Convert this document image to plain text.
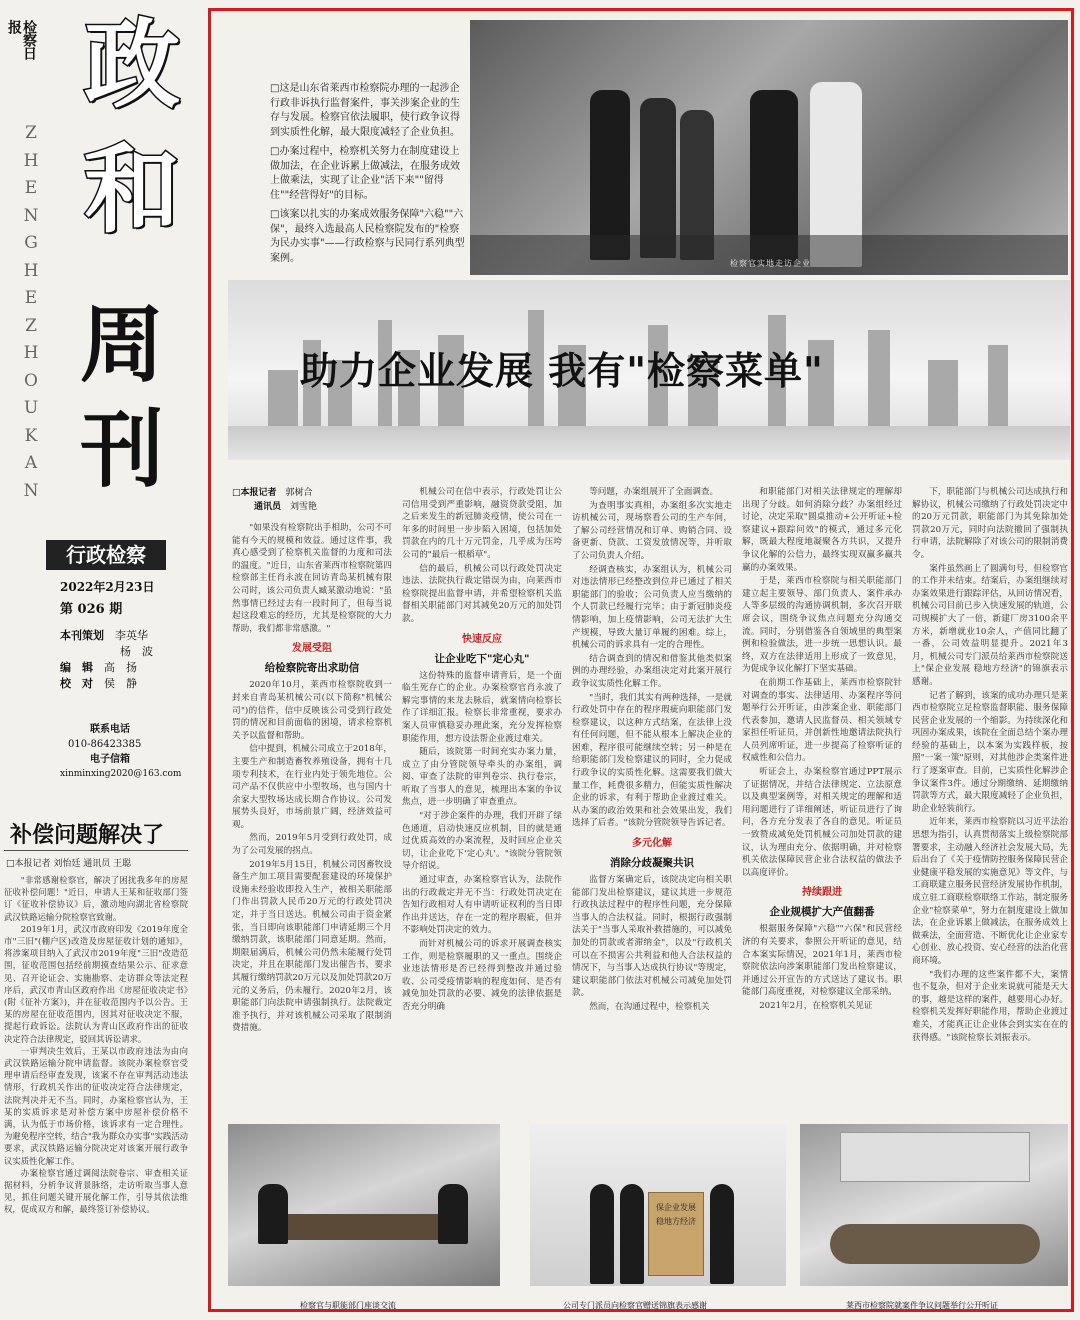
检察日报 政
和
周
刊
Z
H
E
N
G
H
E
Z
H
O
U
K
A
N
行政检察
2022年2月23日
第 026 期
本刊策划　 李英华
杨　波
编　辑　 高　扬
校　对　 侯　静
联系电话
010-86423385
电子信箱
xinminxing2020@163.com
补偿问题解决了
□本报记者 刘怡廷 通讯员 王聪

"非常感谢检察官，解决了困扰我多年的房屋征收补偿问题！"近日，申请人王某和征收部门签订《征收补偿协议》后，激动地向湖北省检察院武汉铁路运输分院检察官致谢。

2019年1月，武汉市政府印发《2019年度全市"三旧"(棚户区)改造及房屋征收计划的通知》，将涉案项目纳入了武汉市2019年度"三旧"改造范围，征收范围包括经前期摸查结果公示、征求意见、召开论证会、实施勘察、走访群众等法定程序后，武汉市青山区政府作出《房屋征收决定书》(附《征补方案》)，并在征收范围内予以公告。王某的房屋在征收范围内，因其对征收决定不服，提起行政诉讼。法院认为青山区政府作出的征收决定符合法律规定，驳回其诉讼请求。

一审判决生效后，王某以市政府违法为由向武汉铁路运输分院申请监督。该院办案检察官受理申请后经审查发现，该案不存在审判活动违法情形，行政机关作出的征收决定符合法律规定，法院判决并无不当。同时，办案检察官认为，王某的实质诉求是对补偿方案中房屋补偿价格不满，认为低于市场价格，该诉求有一定合理性。为避免程序空转，结合"我为群众办实事"实践活动要求，武汉铁路运输分院决定对该案开展行政争议实质性化解工作。

办案检察官通过调阅法院卷宗、审查相关证据材料，分析争议背景脉络，走访听取当事人意见，抓住问题关键开展化解工作，引导其依法维权，促成双方和解，最终签订补偿协议。

□这是山东省莱西市检察院办理的一起涉企行政非诉执行监督案件，事关涉案企业的生存与发展。检察官依法履职，使行政争议得到实质性化解，最大限度减轻了企业负担。

□办案过程中，检察机关努力在制度建设上做加法，在企业诉累上做减法，在服务成效上做乘法，实现了让企业"活下来""留得住""经营得好"的目标。

□该案以扎实的办案成效服务保障"六稳""六保"，最终入选最高人民检察院发布的"检察为民办实事"——行政检察与民同行系列典型案例。	检察官实地走访企业
助力企业发展 我有"检察菜单"
□本报记者　 郭树合
通讯员　 刘雪艳

"如果没有检察院出手相助，公司不可能有今天的规模和效益。通过这件事，我真心感受到了检察机关监督的力度和司法的温度。"近日，山东省莱西市检察院第四检察部主任肖永波在回访青岛某机械有限公司时，该公司负责人臧某激动地说："虽然事情已经过去有一段时间了，但每当说起这段难忘的经历，尤其是检察院的大力帮助，我们都非常感激。"

发展受阻
给检察院寄出求助信

2020年10月，莱西市检察院收到一封来自青岛某机械公司(以下简称"机械公司")的信件，信中反映该公司受到行政处罚的情况和目前面临的困境，请求检察机关予以监督和帮助。

信中提到，机械公司成立于2018年，主要生产和制造畜牧养殖设备，拥有十几项专利技术，在行业内处于领先地位。公司产品不仅供应中小型牧场，也与国内十余家大型牧场达成长期合作协议。公司发展势头良好，市场前景广阔，经济效益可观。

然而，2019年5月受到行政处罚，成为了公司发展的拐点。

2019年5月15日，机械公司因畜牧设备生产加工项目需要配套建设的环境保护设施未经验收即投入生产，被相关职能部门作出罚款人民币20万元的行政处罚决定，并于当日送达。机械公司由于资金紧张，当日即向该职能部门申请延期三个月缴纳罚款，该职能部门同意延期。然而，期限届满后，机械公司仍然未能履行处罚决定，并且在职能部门发出催告书，要求其履行缴纳罚款20万元以及加处罚款20万元的义务后，仍未履行。2020年2月，该职能部门向法院申请强制执行。法院裁定准予执行，并对该机械公司采取了限制消费措施。

机械公司在信中表示，行政处罚让公司信用受到严重影响，融资贷款受阻，加之后来发生的新冠肺炎疫情，使公司在一年多的时间里一步步陷入困境，包括加处罚款在内的几十万元罚金，几乎成为压垮公司的"最后一根稻草"。

信的最后，机械公司以行政处罚决定违法、法院执行裁定错误为由，向莱西市检察院提出监督申请，并希望检察机关监督相关职能部门对其减免20万元的加处罚款。

快速反应
让企业吃下"定心丸"

这份特殊的监督申请背后，是一个面临生死存亡的企业。办案检察官肖永波了解完事情的来龙去脉后，就案情向检察长作了详细汇报。检察长非常重视，要求办案人员审慎稳妥办理此案，充分发挥检察职能作用，想方设法帮企业渡过难关。

随后，该院第一时间充实办案力量，成立了由分管院领导牵头的办案组，调阅、审查了法院的审判卷宗、执行卷宗，听取了当事人的意见，梳理出本案的争议焦点，进一步明确了审查重点。

"对于涉企案件的办理，我们开辟了绿色通道，启动快速反应机制，目的就是通过优质高效的办案流程，及时回应企业关切，让企业吃下'定心丸'。"该院分管院领导介绍说。

通过审查，办案检察官认为，法院作出的行政裁定并无不当：行政处罚决定在告知行政相对人有申请听证权利的当日即作出并送达，存在一定的程序瑕疵，但并不影响处罚决定的效力。

而针对机械公司的诉求开展调查核实工作，则是检察履职的又一重点。围绕企业违法情形是否已经得到整改并通过验收、公司受疫情影响的程度如何、是否有减免加处罚款的必要、减免的法律依据是否充分明确

等问题，办案组展开了全面调查。

为查明事实真相，办案组多次实地走访机械公司，现场察看公司的生产车间，了解公司经营情况和订单、购销合同、设备更新、贷款、工资发放情况等，并听取了公司负责人介绍。

经调查核实，办案组认为，机械公司对违法情形已经整改到位并已通过了相关职能部门的验收；公司负责人应当缴纳的个人罚款已经履行完毕；由于新冠肺炎疫情影响，加上疫情影响，公司无法扩大生产规模，导致大量订单履约困难。综上，机械公司的诉求具有一定的合理性。

结合调查到的情况和借鉴其他类似案例的办理经验，办案组决定对此案开展行政争议实质性化解工作。

"当时，我们其实有两种选择，一是就行政处罚中存在的程序瑕疵向职能部门发检察建议，以这种方式结案，在法律上没有任何问题，但不能从根本上解决企业的困难，程序很可能继续空转；另一种是在给职能部门发检察建议的同时，全力促成行政争议的实质性化解。这需要我们做大量工作，耗费很多精力，但能实质性解决企业的诉求，有利于帮助企业渡过难关。从办案的政治效果和社会效果出发，我们选择了后者。"该院分管院领导告诉记者。

多元化解
消除分歧凝聚共识

监督方案确定后，该院决定向相关职能部门发出检察建议，建议其进一步规范行政执法过程中的程序性问题，充分保障当事人的合法权益。同时，根据行政强制法关于"当事人采取补救措施的，可以减免加处的罚款或者滞纳金"，以及"行政机关可以在不损害公共利益和他人合法权益的情况下，与当事人达成执行协议"等规定，建议职能部门依法对机械公司减免加处罚款。

然而，在沟通过程中，检察机关

和职能部门对相关法律规定的理解却出现了分歧。如何消除分歧？办案组经过讨论，决定采取"圆桌推动+公开听证+检察建议+跟踪问效"的模式，通过多元化解，既最大程度地凝聚各方共识，又提升争议化解的公信力，最终实现双赢多赢共赢的办案效果。

于是，莱西市检察院与相关职能部门建立起主要领导、部门负责人、案件承办人等多层级的沟通协调机制，多次召开联席会议，围绕争议焦点问题充分沟通交流。同时，分别借鉴各自领域里的典型案例和检验做法，进一步统一思想认识。最终，双方在法律适用上形成了一致意见，为促成争议化解打下坚实基础。

在前期工作基础上，莱西市检察院针对调查的事实、法律适用、办案程序等问题举行公开听证，由涉案企业、职能部门代表参加，邀请人民监督员、相关领域专家担任听证员，并创新性地邀请法院执行人员列席听证，进一步提高了检察听证的权威性和公信力。

听证会上，办案检察官通过PPT展示了证据情况，并结合法律规定、立法原意以及典型案例等，对相关规定的理解和适用问题进行了详细阐述，听证员进行了询问，各方充分发表了各自的意见。听证员一致赞成减免处罚机械公司加处罚款的建议，认为理由充分、依据明确，并对检察机关依法保障民营企业合法权益的做法予以高度评价。

持续跟进
企业规模扩大产值翻番

根据服务保障"六稳""六保"和民营经济的有关要求，参照公开听证的意见，结合本案实际情况，2021年1月，莱西市检察院依法向涉案职能部门发出检察建议，并通过公开宣告的方式送达了建议书。职能部门高度重视，对检察建议全部采纳。

2021年2月，在检察机关见证

下，职能部门与机械公司达成执行和解协议，机械公司缴纳了行政处罚决定中的20万元罚款，职能部门为其免除加处罚款20万元，同时向法院撤回了强制执行申请，法院解除了对该公司的限制消费令。

案件虽然画上了圆满句号，但检察官的工作并未结束。结案后，办案组继续对办案效果进行跟踪评估，从回访情况看，机械公司目前已步入快速发展的轨道，公司规模扩大了一倍，新建厂房3100余平方米，新增就业10余人，产值同比翻了一番，公司效益明显提升。2021年3月，机械公司专门派员给莱西市检察院送上"保企业发展 稳地方经济"的锦旗表示感谢。

记者了解到，该案的成功办理只是莱西市检察院立足检察监督职能、服务保障民营企业发展的一个缩影。为持续深化和巩固办案成果，该院在全面总结个案办理经验的基础上，以本案为实践样板，按照"一案一策"原则，对其他涉企类案件进行了逐案审查。目前，已实质性化解涉企争议案件3件。通过分期缴纳、延期缴纳罚款等方式，最大限度减轻了企业负担，助企业轻装前行。

近年来，莱西市检察院以习近平法治思想为指引，认真贯彻落实上级检察院部署要求，主动融入经济社会发展大局，先后出台了《关于疫情防控服务保障民营企业健康平稳发展的实施意见》等文件，与工商联建立服务民营经济发展协作机制，成立驻工商联检察联络工作站，制定服务企业"检察菜单"，努力在制度建设上做加法，在企业诉累上做减法，在服务成效上做乘法，全面营造、不断优化让企业家专心创业、放心投资、安心经营的法治化营商环境。

"我们办理的这些案件都不大，案情也不复杂，但对于企业来说就可能是天大的事，越是这样的案件，越要用心办好。检察机关发挥好职能作用，帮助企业渡过难关，才能真正让企业体会到实实在在的获得感。"该院检察长刘振表示。

检察官与职能部门座谈交流
保企业发展
稳地方经济
公司专门派员向检察官赠送锦旗表示感谢	莱西市检察院就案件争议问题举行公开听证
